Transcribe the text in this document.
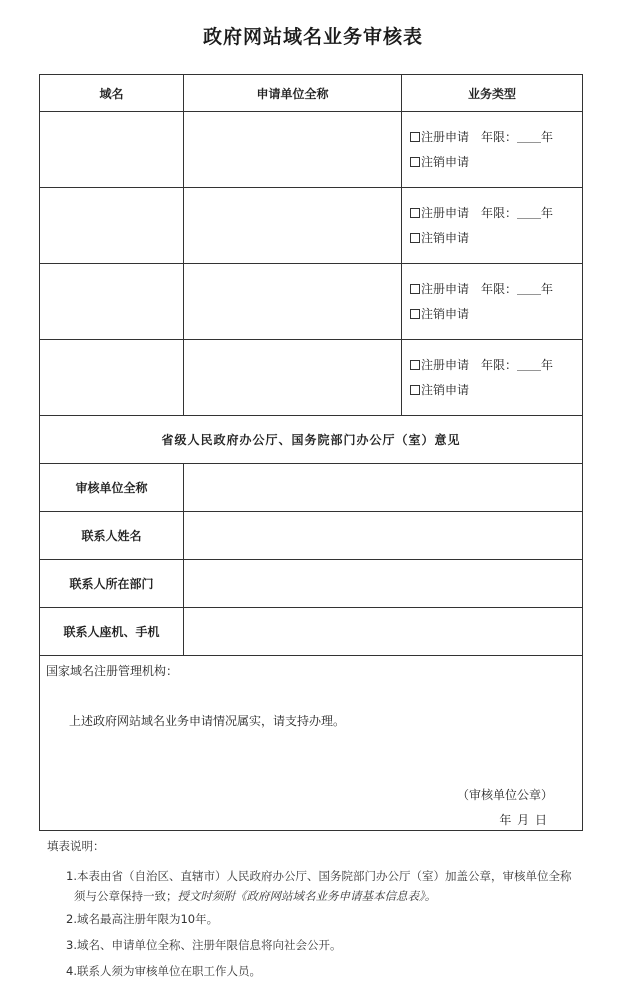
政府网站域名业务审核表
域名	申请单位全称	业务类型

		注册申请 年限：＿＿年
注销申请

		注册申请 年限：＿＿年
注销申请

		注册申请 年限：＿＿年
注销申请

		注册申请 年限：＿＿年
注销申请

省级人民政府办公厅、国务院部门办公厅（室）意见		
审核单位全称		
联系人姓名		
联系人所在部门		
联系人座机、手机		

国家域名注册管理机构：
上述政府网站域名业务申请情况属实，请支持办理。
（审核单位公章）
年 月 日		
填表说明：
1.本表由省（自治区、直辖市）人民政府办公厅、国务院部门办公厅（室）加盖公章，审核单位全称
须与公章保持一致；授文时须附《政府网站域名业务申请基本信息表》。
2.域名最高注册年限为10年。
3.域名、申请单位全称、注册年限信息将向社会公开。
4.联系人须为审核单位在职工作人员。
